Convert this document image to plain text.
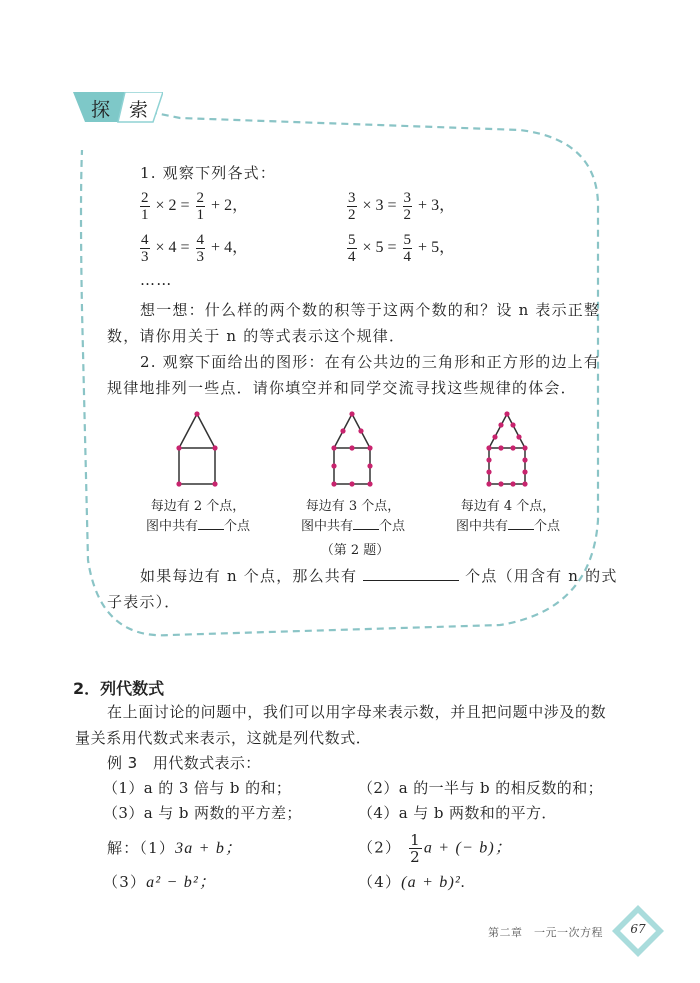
探 索
1. 观察下列各式：
$\frac{2}{1} \times 2 = \frac{2}{1} + 2$，	$\frac{3}{2} \times 3 = \frac{3}{2} + 3$，
$\frac{4}{3} \times 4 = \frac{4}{3} + 4$，	$\frac{5}{4} \times 5 = \frac{5}{4} + 5$，
……
想一想：什么样的两个数的积等于这两个数的和？设 n 表示正整
数，请你用关于 n 的等式表示这个规律．
2. 观察下面给出的图形：在有公共边的三角形和正方形的边上有
规律地排列一些点．请你填空并和同学交流寻找这些规律的体会．
每边有 2 个点，
图中共有 个点
每边有 3 个点，
图中共有 个点
每边有 4 个点，
图中共有 个点
（第 2 题）
如果每边有 n 个点，那么共有	个点（用含有 n 的式
子表示）．
2．列代数式
在上面讨论的问题中，我们可以用字母来表示数，并且把问题中涉及的数
量关系用代数式来表示，这就是列代数式．
例 3　用代数式表示：
（1）a 的 3 倍与 b 的和；	（2）a 的一半与 b 的相反数的和；
（3）a 与 b 两数的平方差；	（4）a 与 b 两数和的平方．
解：（1）3a + b；	$(2) \frac{1}{2}$ a + (− b)；
（3）a² − b²；	（4）(a + b)².
第二章　一元一次方程	67
